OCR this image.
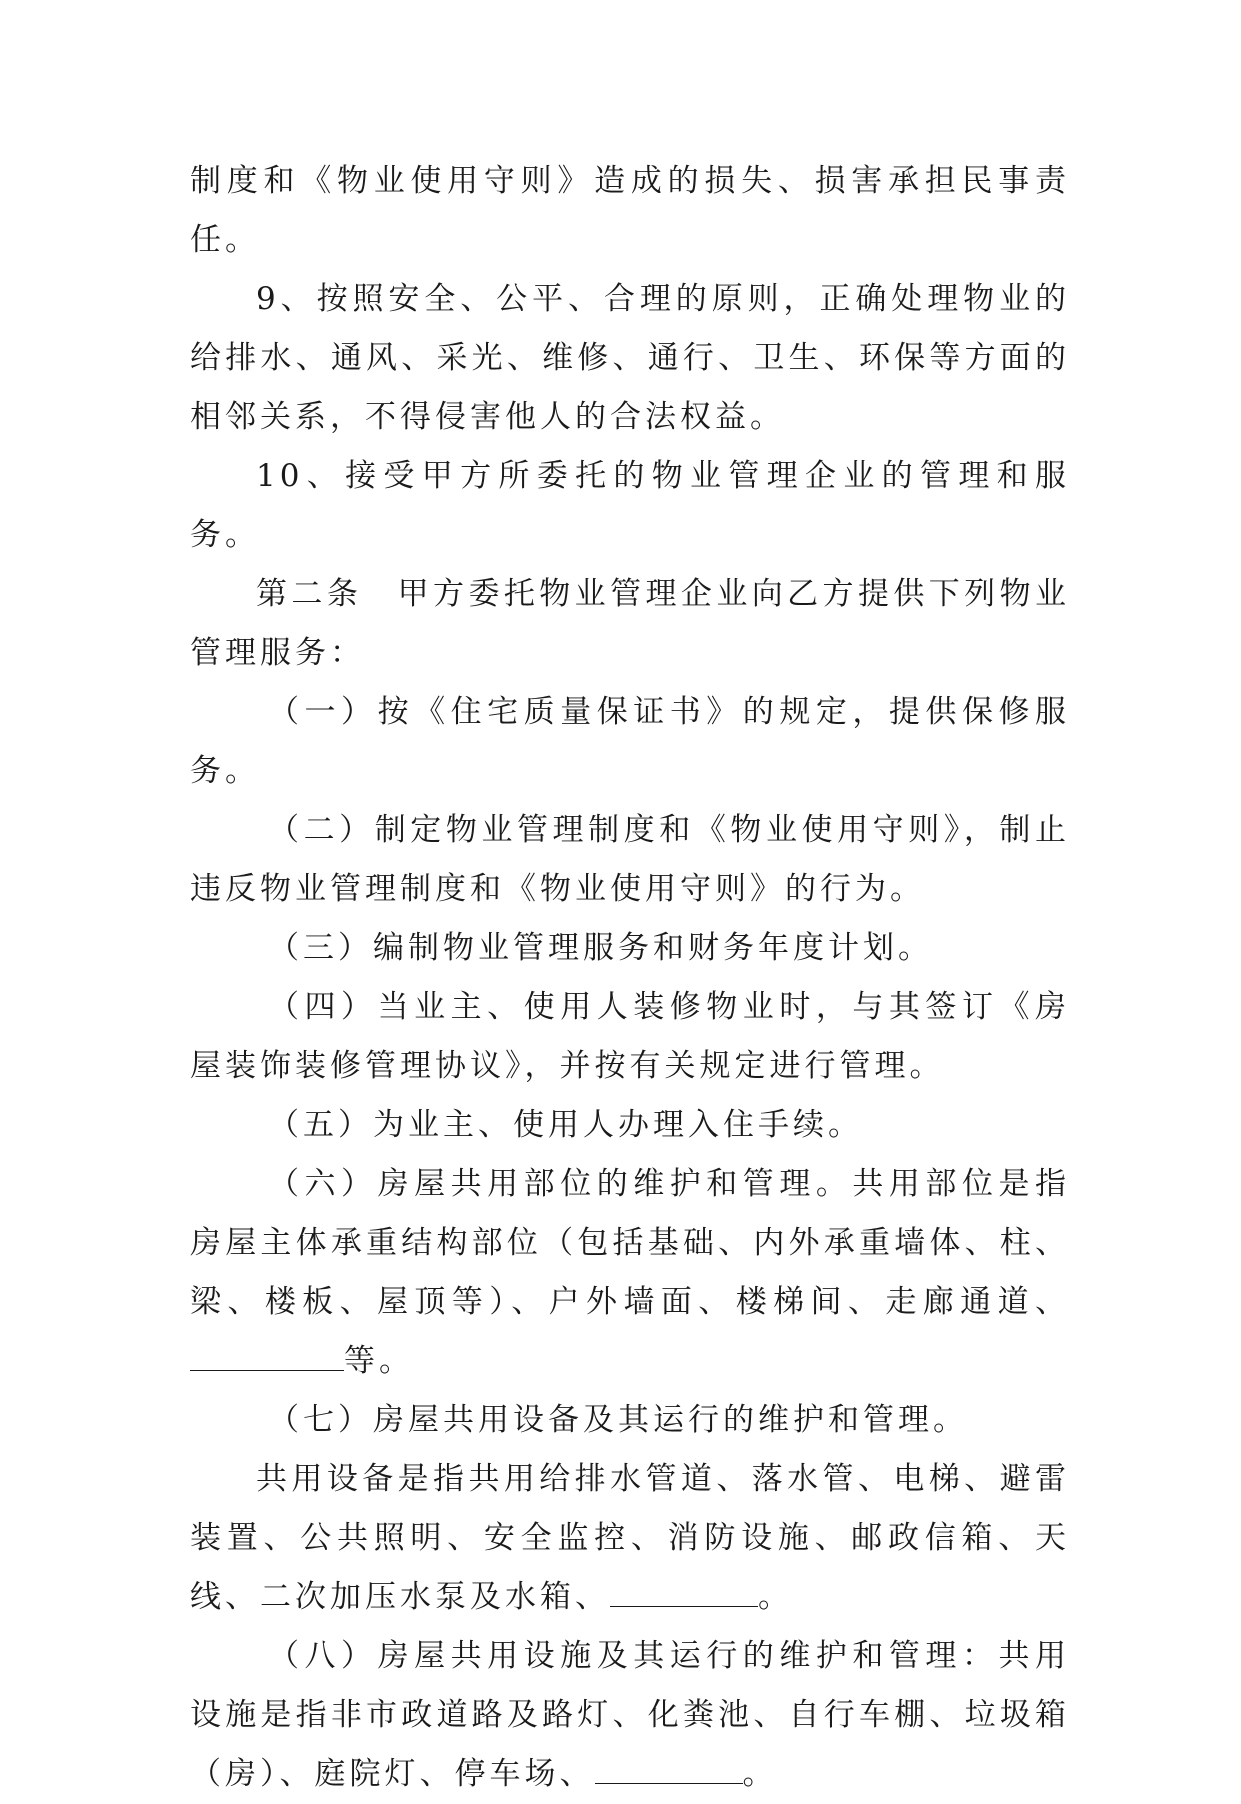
制度和《物业使用守则》造成的损失、损害承担民事责任。

9、按照安全、公平、合理的原则，正确处理物业的给排水、通风、采光、维修、通行、卫生、环保等方面的相邻关系，不得侵害他人的合法权益。

10、接受甲方所委托的物业管理企业的管理和服务。

第二条　甲方委托物业管理企业向乙方提供下列物业管理服务：

（一）按《住宅质量保证书》的规定，提供保修服务。

（二）制定物业管理制度和《物业使用守则》，制止违反物业管理制度和《物业使用守则》的行为。

（三）编制物业管理服务和财务年度计划。

（四）当业主、使用人装修物业时，与其签订《房屋装饰装修管理协议》，并按有关规定进行管理。

（五）为业主、使用人办理入住手续。

（六）房屋共用部位的维护和管理。共用部位是指房屋主体承重结构部位（包括基础、内外承重墙体、柱、梁、楼板、屋顶等）、户外墙面、楼梯间、走廊通道、等。

（七）房屋共用设备及其运行的维护和管理。

共用设备是指共用给排水管道、落水管、电梯、避雷装置、公共照明、安全监控、消防设施、邮政信箱、天线、二次加压水泵及水箱、	。

（八）房屋共用设施及其运行的维护和管理：共用设施是指非市政道路及路灯、化粪池、自行车棚、垃圾箱（房）、庭院灯、停车场、	。
